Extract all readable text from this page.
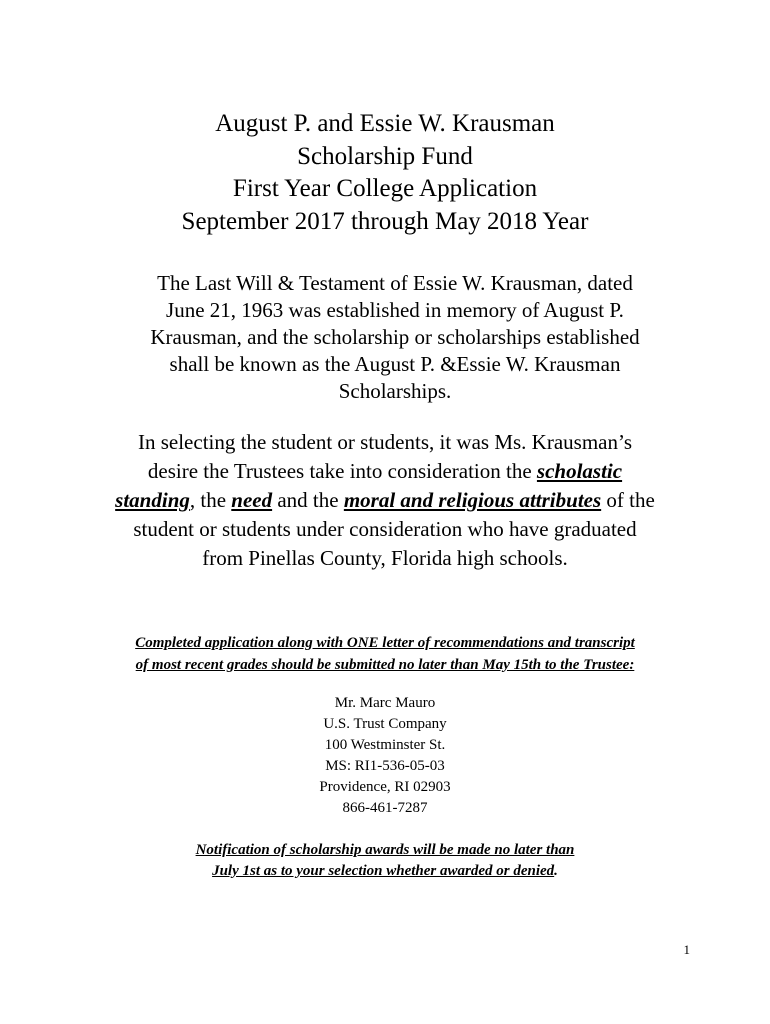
August P. and Essie W. Krausman
Scholarship Fund
First Year College Application
September 2017 through May 2018 Year
The Last Will & Testament of Essie W. Krausman, dated
June 21, 1963 was established in memory of August P.
Krausman, and the scholarship or scholarships established
shall be known as the August P. &Essie W. Krausman
Scholarships.
In selecting the student or students, it was Ms. Krausman’s
desire the Trustees take into consideration the scholastic
standing, the need and the moral and religious attributes of the
student or students under consideration who have graduated
from Pinellas County, Florida high schools.
Completed application along with ONE letter of recommendations and transcript
of most recent grades should be submitted no later than May 15th to the Trustee:
Mr. Marc Mauro
U.S. Trust Company
100 Westminster St.
MS: RI1-536-05-03
Providence, RI 02903
866-461-7287
Notification of scholarship awards will be made no later than
July 1st as to your selection whether awarded or denied.
1
